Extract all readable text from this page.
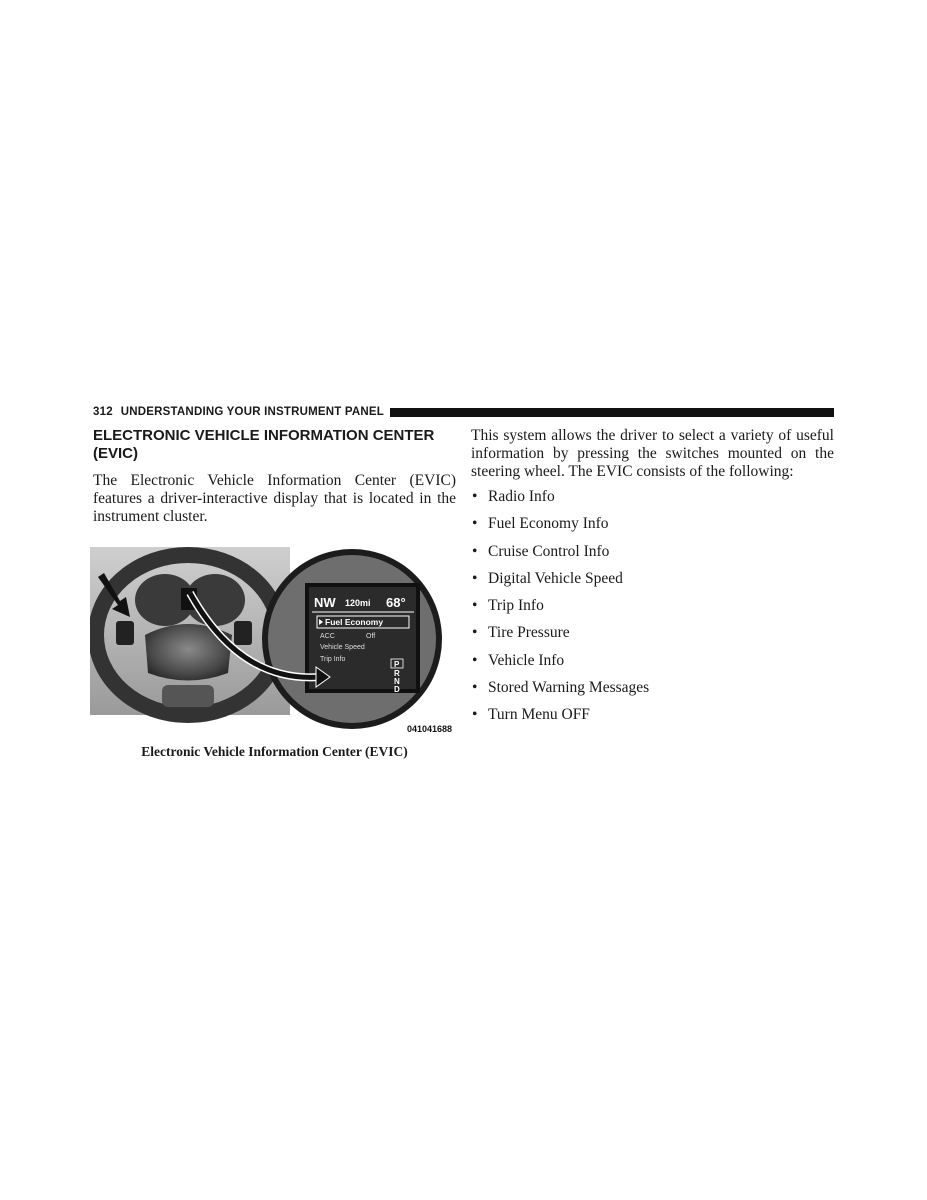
312 UNDERSTANDING YOUR INSTRUMENT PANEL
ELECTRONIC VEHICLE INFORMATION CENTER (EVIC)

The Electronic Vehicle Information Center (EVIC) features a driver-interactive display that is located in the instrument cluster.

NW 120mi 68°
Fuel Economy
ACC	Off
Vehicle Speed
Trip Info
P
R
N
D
041041688
Electronic Vehicle Information Center (EVIC)

This system allows the driver to select a variety of useful information by pressing the switches mounted on the steering wheel. The EVIC consists of the following:

• Radio Info
• Fuel Economy Info
• Cruise Control Info
• Digital Vehicle Speed
• Trip Info
• Tire Pressure
• Vehicle Info
• Stored Warning Messages
• Turn Menu OFF
